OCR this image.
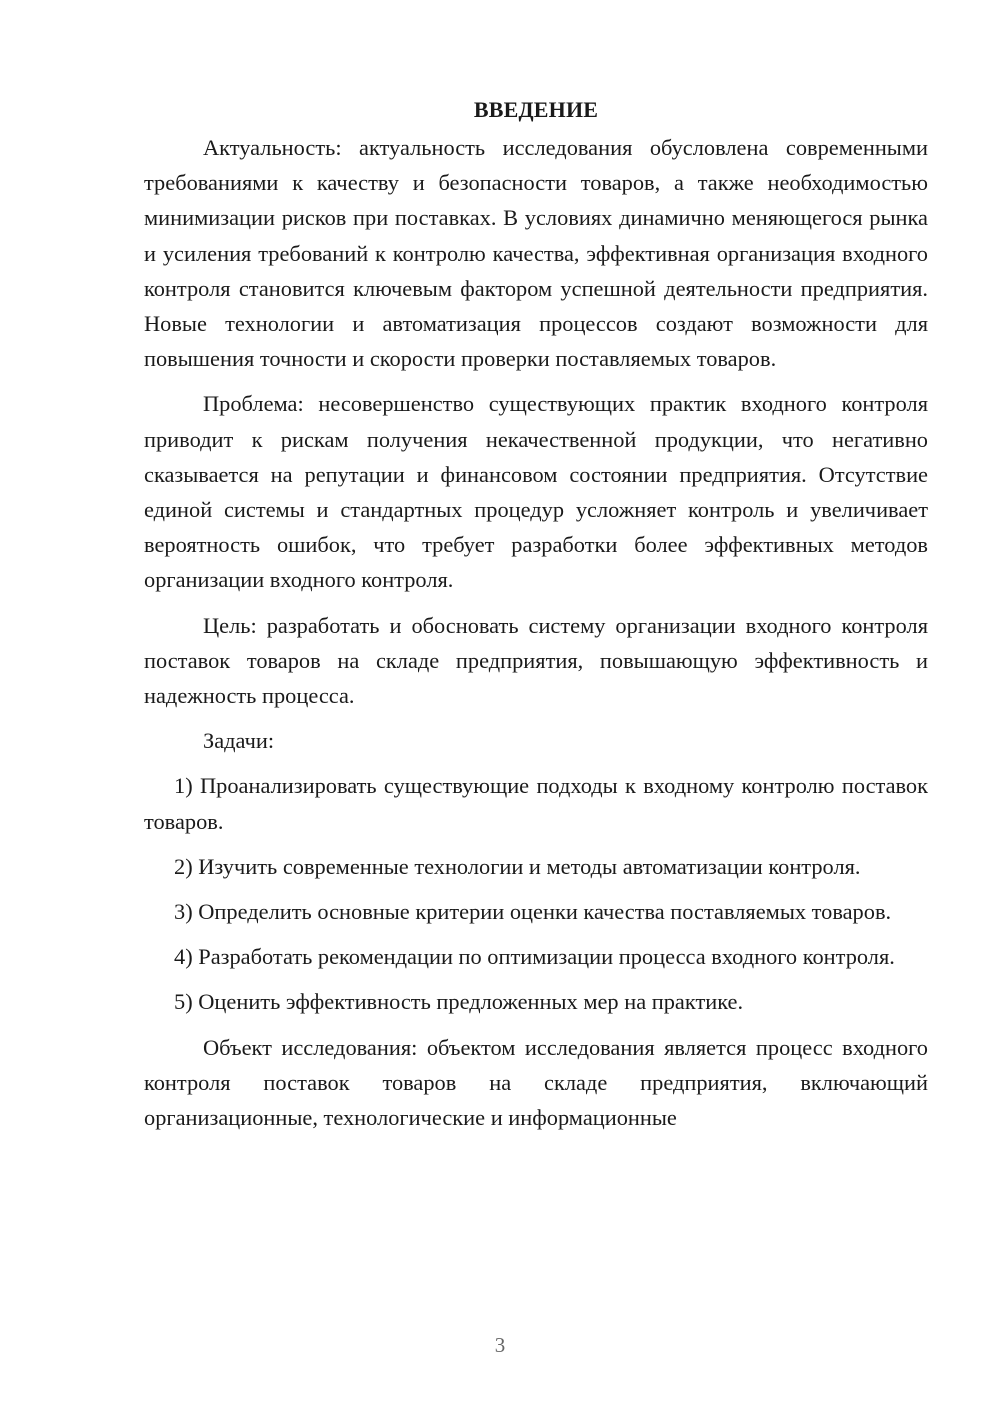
ВВЕДЕНИЕ

Актуальность: актуальность исследования обусловлена современными требованиями к качеству и безопасности товаров, а также необходимостью минимизации рисков при поставках. В условиях динамично меняющегося рынка и усиления требований к контролю качества, эффективная организация входного контроля становится ключевым фактором успешной деятельности предприятия. Новые технологии и автоматизация процессов создают возможности для повышения точности и скорости проверки поставляемых товаров.

Проблема: несовершенство существующих практик входного контроля приводит к рискам получения некачественной продукции, что негативно сказывается на репутации и финансовом состоянии предприятия. Отсутствие единой системы и стандартных процедур усложняет контроль и увеличивает вероятность ошибок, что требует разработки более эффективных методов организации входного контроля.

Цель: разработать и обосновать систему организации входного контроля поставок товаров на складе предприятия, повышающую эффективность и надежность процесса.

Задачи:

1) Проанализировать существующие подходы к входному контролю поставок товаров.

2) Изучить современные технологии и методы автоматизации контроля.

3) Определить основные критерии оценки качества поставляемых товаров.

4) Разработать рекомендации по оптимизации процесса входного контроля.

5) Оценить эффективность предложенных мер на практике.

Объект исследования: объектом исследования является процесс входного контроля поставок товаров на складе предприятия, включающий организационные, технологические и информационные

3
